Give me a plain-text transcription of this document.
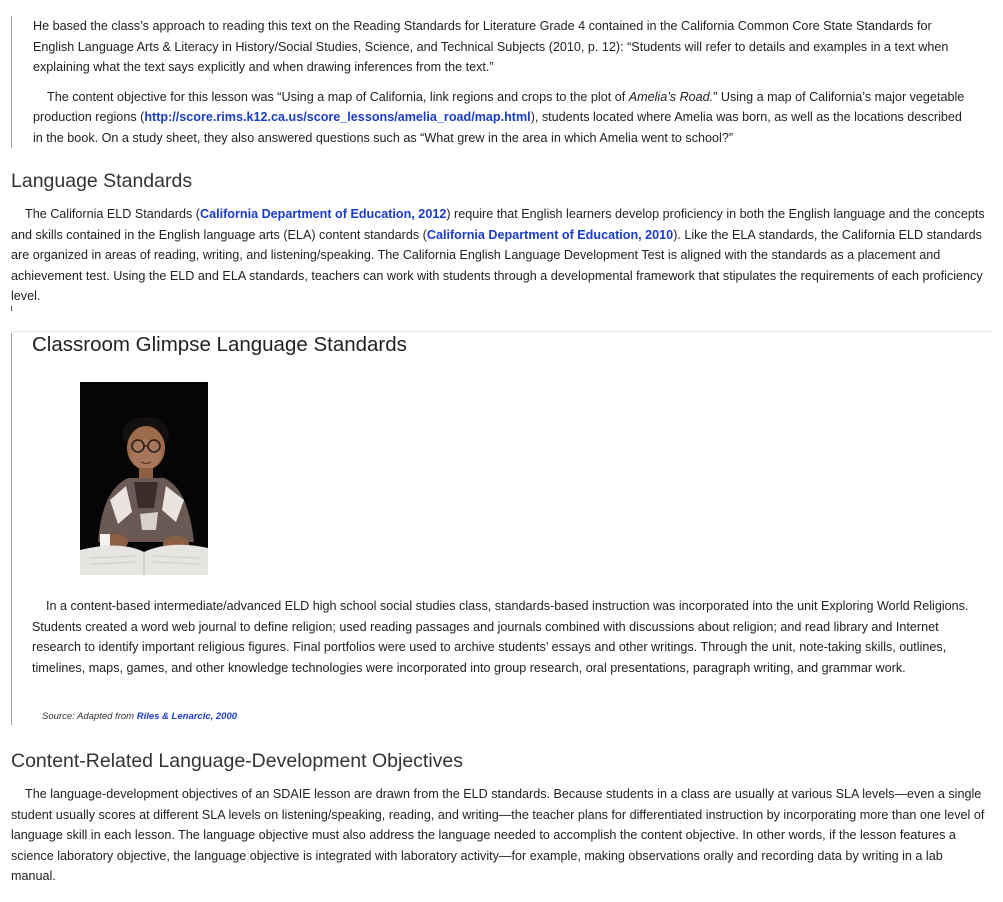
He based the class’s approach to reading this text on the Reading Standards for Literature Grade 4 contained in the California Common Core State Standards for English Language Arts & Literacy in History/Social Studies, Science, and Technical Subjects (2010, p. 12): “Students will refer to details and examples in a text when explaining what the text says explicitly and when drawing inferences from the text.”

The content objective for this lesson was “Using a map of California, link regions and crops to the plot of Amelia’s Road.” Using a map of California’s major vegetable production regions (http://score.rims.k12.ca.us/score_lessons/amelia_road/map.html), students located where Amelia was born, as well as the locations described in the book. On a study sheet, they also answered questions such as “What grew in the area in which Amelia went to school?”

Language Standards

The California ELD Standards (California Department of Education, 2012) require that English learners develop proficiency in both the English language and the concepts and skills contained in the English language arts (ELA) content standards (California Department of Education, 2010). Like the ELA standards, the California ELD standards are organized in areas of reading, writing, and listening/speaking. The California English Language Development Test is aligned with the standards as a placement and achievement test. Using the ELD and ELA standards, teachers can work with students through a developmental framework that stipulates the requirements of each proficiency level.

Classroom Glimpse Language Standards

In a content-based intermediate/advanced ELD high school social studies class, standards-based instruction was incorporated into the unit Exploring World Religions. Students created a word web journal to define religion; used reading passages and journals combined with discussions about religion; and read library and Internet research to identify important religious figures. Final portfolios were used to archive students’ essays and other writings. Through the unit, note-taking skills, outlines, timelines, maps, games, and other knowledge technologies were incorporated into group research, oral presentations, paragraph writing, and grammar work.

Source: Adapted from Riles & Lenarcic, 2000
Content-Related Language-Development Objectives

The language-development objectives of an SDAIE lesson are drawn from the ELD standards. Because students in a class are usually at various SLA levels—even a single student usually scores at different SLA levels on listening/speaking, reading, and writing—the teacher plans for differentiated instruction by incorporating more than one level of language skill in each lesson. The language objective must also address the language needed to accomplish the content objective. In other words, if the lesson features a science laboratory objective, the language objective is integrated with laboratory activity—for example, making observations orally and recording data by writing in a lab manual.
